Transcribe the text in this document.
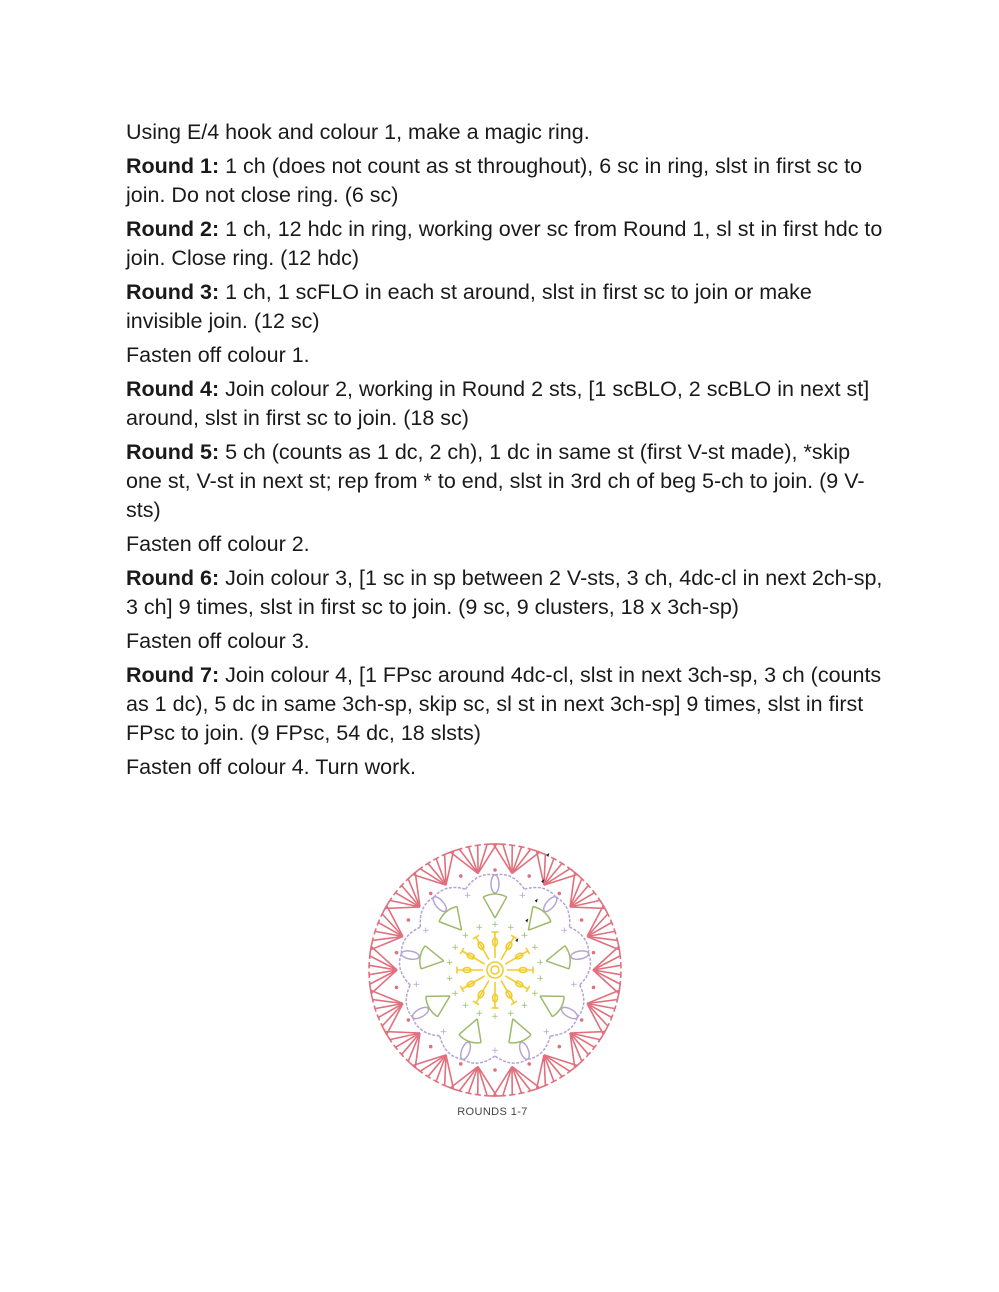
Using E/4 hook and colour 1, make a magic ring.

Round 1: 1 ch (does not count as st throughout), 6 sc in ring, slst in first sc to join. Do not close ring. (6 sc)

Round 2: 1 ch, 12 hdc in ring, working over sc from Round 1, sl st in first hdc to join. Close ring. (12 hdc)

Round 3: 1 ch, 1 scFLO in each st around, slst in first sc to join or make invisible join. (12 sc)

Fasten off colour 1.

Round 4: Join colour 2, working in Round 2 sts, [1 scBLO, 2 scBLO in next st] around, slst in first sc to join. (18 sc)

Round 5: 5 ch (counts as 1 dc, 2 ch), 1 dc in same st (first V-st made), *skip one st, V-st in next st; rep from * to end, slst in 3rd ch of beg 5-ch to join. (9 V-sts)

Fasten off colour 2.

Round 6: Join colour 3, [1 sc in sp between 2 V-sts, 3 ch, 4dc-cl in next 2ch-sp, 3 ch] 9 times, slst in first sc to join. (9 sc, 9 clusters, 18 x 3ch-sp)

Fasten off colour 3.

Round 7: Join colour 4, [1 FPsc around 4dc-cl, slst in next 3ch-sp, 3 ch (counts as 1 dc), 5 dc in same 3ch-sp, skip sc, sl st in next 3ch-sp] 9 times, slst in first FPsc to join. (9 FPsc, 54 dc, 18 slsts)

Fasten off colour 4. Turn work.

+
+
+
+
+
+
+
+
+
+ +
+
+
+
+
+
+
+
+
+
+
+
+
+
+
+
+
ROUNDS 1-7
